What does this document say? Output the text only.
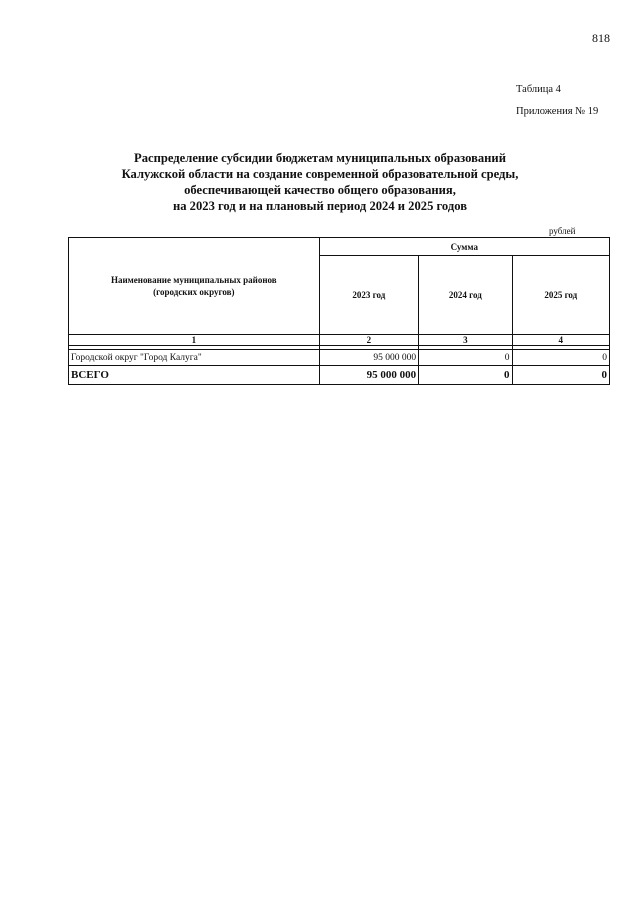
818
Таблица 4
Приложения № 19
Распределение субсидии бюджетам муниципальных образований
Калужской области на создание современной образовательной среды,
обеспечивающей качество общего образования,
на 2023 год и на плановый период 2024 и 2025 годов
рублей
Наименование муниципальных районов
(городских округов)	Сумма		
	2023 год	2024 год	2025 год
1	2	3	4

Городской округ "Город Калуга"	95 000 000	0	0
ВСЕГО	95 000 000	0	0
